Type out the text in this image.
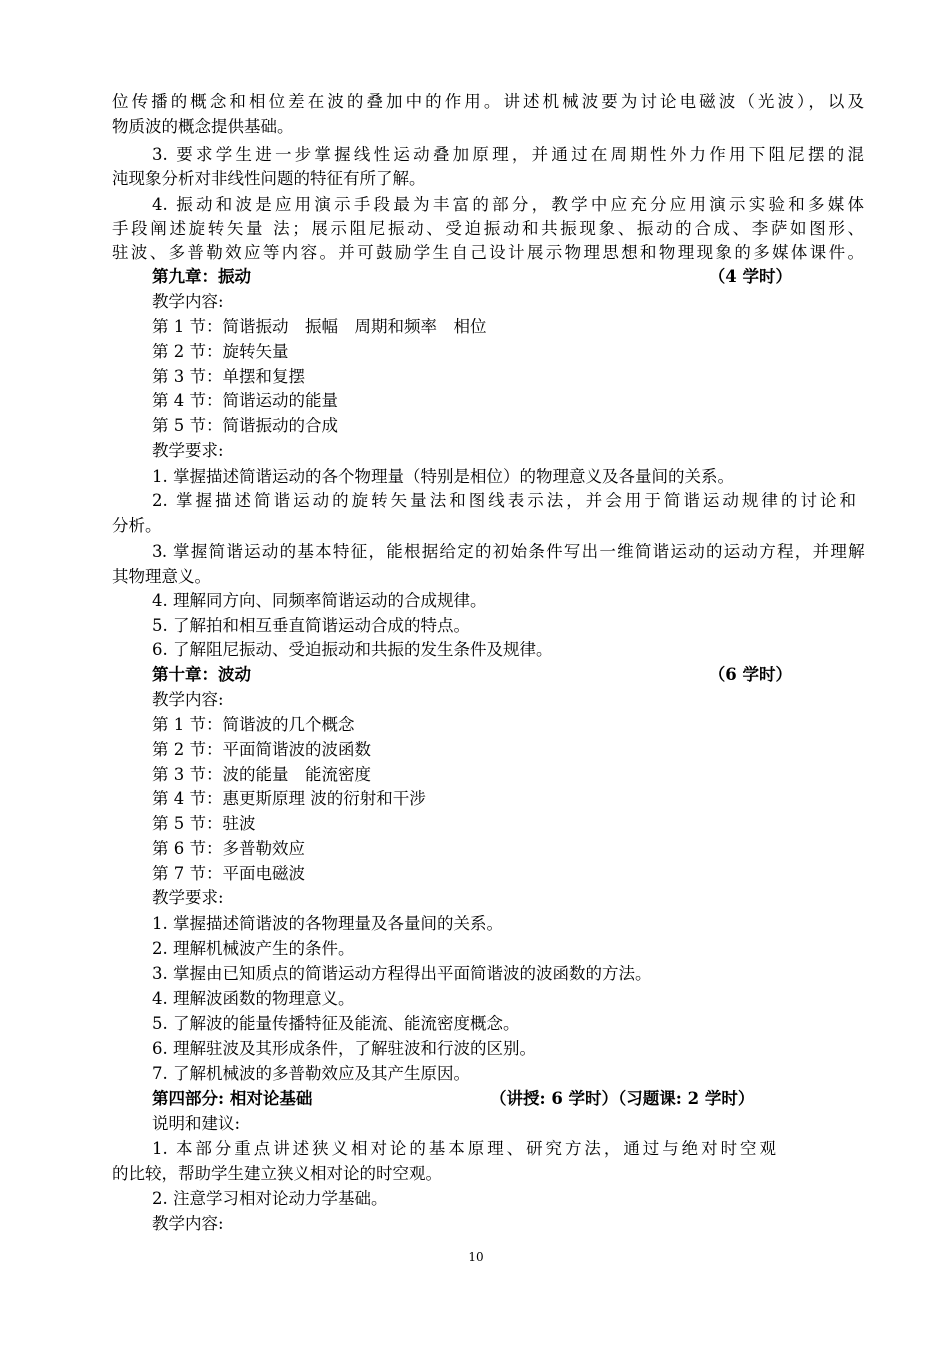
位传播的概念和相位差在波的叠加中的作用。讲述机械波要为讨论电磁波（光波），以及
物质波的概念提供基础。
3. 要求学生进一步掌握线性运动叠加原理，并通过在周期性外力作用下阻尼摆的混
沌现象分析对非线性问题的特征有所了解。
4. 振动和波是应用演示手段最为丰富的部分，教学中应充分应用演示实验和多媒体
手段阐述旋转矢量 法；展示阻尼振动、受迫振动和共振现象、振动的合成、李萨如图形、
驻波、多普勒效应等内容。并可鼓励学生自己设计展示物理思想和物理现象的多媒体课件。
第九章：振动	（4 学时）
教学内容:
第 1 节：简谐振动　振幅　周期和频率　相位
第 2 节：旋转矢量
第 3 节：单摆和复摆
第 4 节：简谐运动的能量
第 5 节：简谐振动的合成
教学要求:
1. 掌握描述简谐运动的各个物理量（特别是相位）的物理意义及各量间的关系。
2. 掌握描述简谐运动的旋转矢量法和图线表示法，并会用于简谐运动规律的讨论和
分析。
3. 掌握简谐运动的基本特征，能根据给定的初始条件写出一维简谐运动的运动方程，并理解
其物理意义。
4. 理解同方向、同频率简谐运动的合成规律。
5. 了解拍和相互垂直简谐运动合成的特点。
6. 了解阻尼振动、受迫振动和共振的发生条件及规律。
第十章：波动	（6 学时）
教学内容:
第 1 节：简谐波的几个概念
第 2 节：平面简谐波的波函数
第 3 节：波的能量　能流密度
第 4 节：惠更斯原理 波的衍射和干涉
第 5 节：驻波
第 6 节：多普勒效应
第 7 节：平面电磁波
教学要求:
1. 掌握描述简谐波的各物理量及各量间的关系。
2. 理解机械波产生的条件。
3. 掌握由已知质点的简谐运动方程得出平面简谐波的波函数的方法。
4. 理解波函数的物理意义。
5. 了解波的能量传播特征及能流、能流密度概念。
6. 理解驻波及其形成条件，了解驻波和行波的区别。
7. 了解机械波的多普勒效应及其产生原因。
第四部分: 相对论基础	（讲授: 6 学时）（习题课: 2 学时）
说明和建议:
1. 本部分重点讲述狭义相对论的基本原理、研究方法，通过与绝对时空观
的比较，帮助学生建立狭义相对论的时空观。
2. 注意学习相对论动力学基础。
教学内容:
10
